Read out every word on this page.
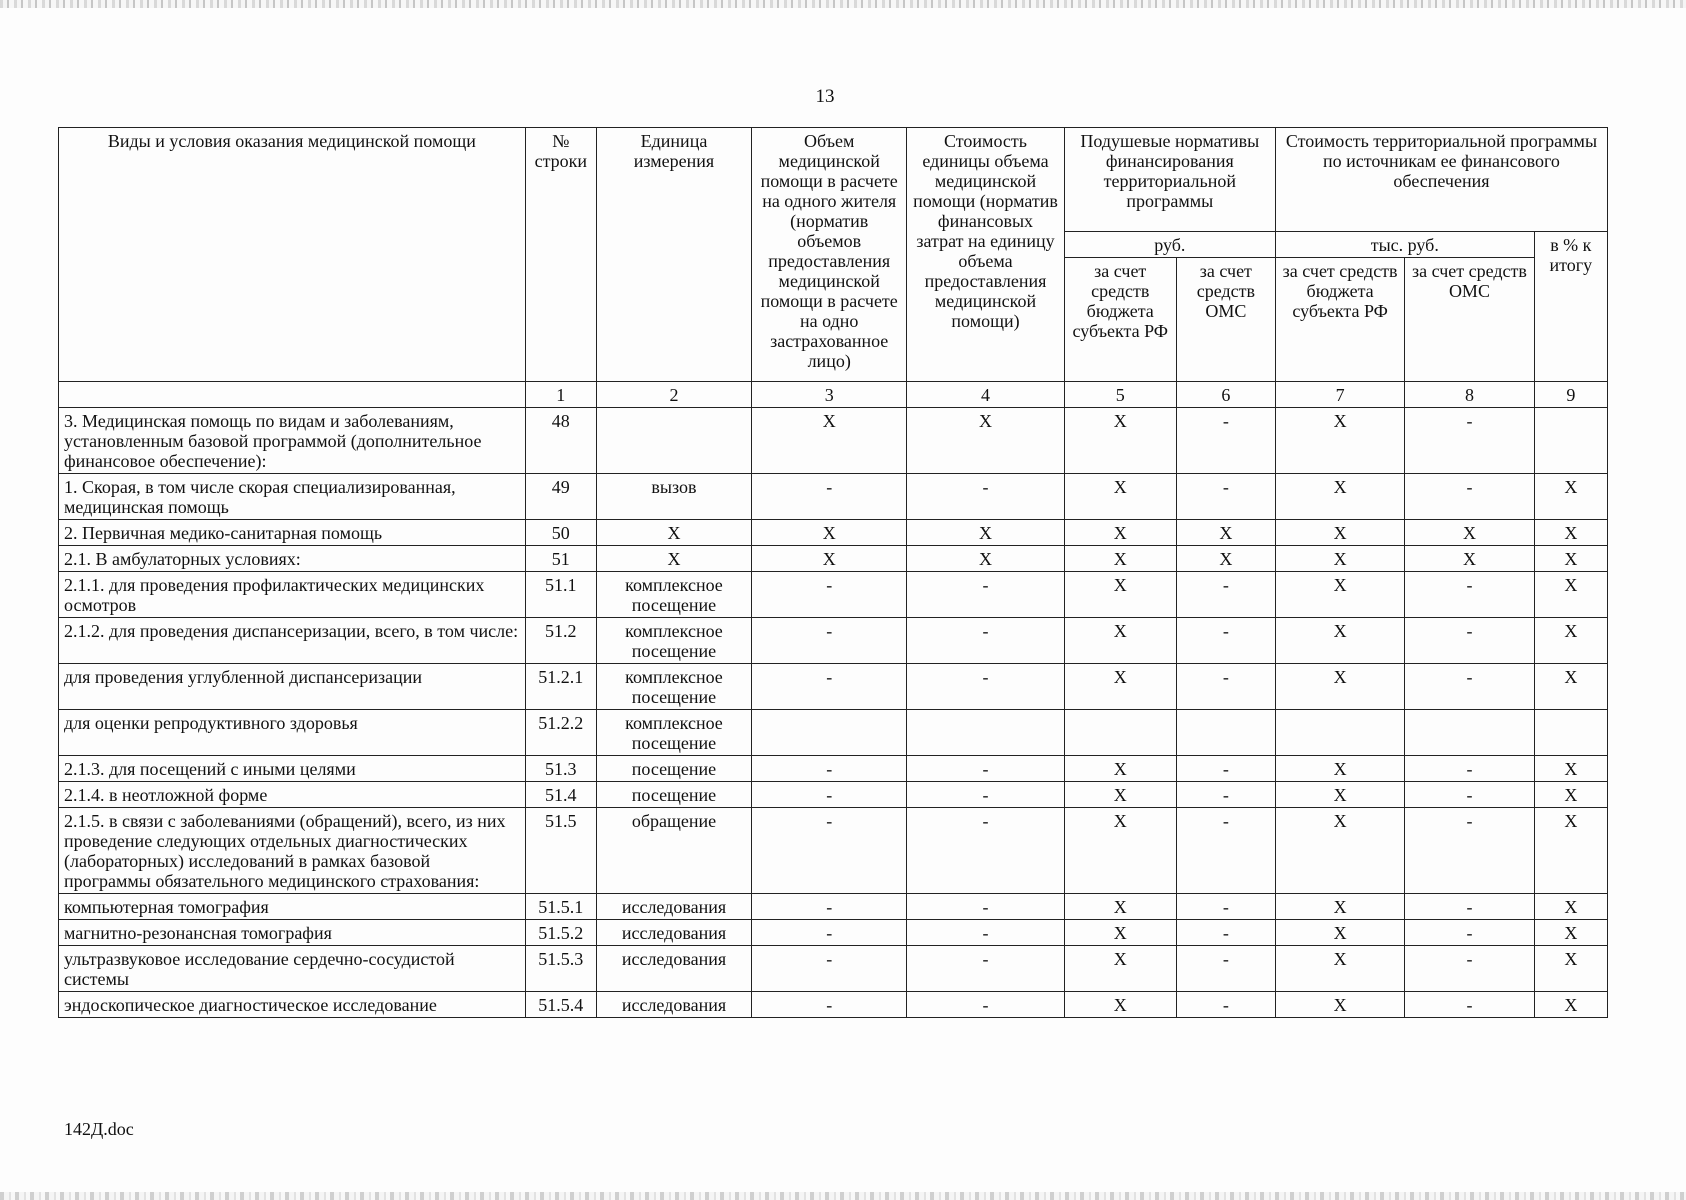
13
Виды и условия оказания медицинской помощи	№ строки	Единица измерения	Объем медицинской помощи в расчете на одного жителя (норматив объемов предоставления медицинской помощи в расчете на одно застрахованное лицо)	Стоимость единицы объема медицинской помощи (норматив финансовых затрат на единицу объема предоставления медицинской помощи)	Подушевые нормативы финансирования территориальной программы		Стоимость территориальной программы по источникам ее финансового обеспечения		
					руб.		тыс. руб.		в % к итогу
					за счет средств бюджета субъекта РФ	за счет средств ОМС	за счет средств бюджета субъекта РФ	за счет средств ОМС	
	1	2	3	4	5	6	7	8	9
3. Медицинская помощь по видам и заболеваниям, установленным базовой программой (дополнительное финансовое обеспечение):	48		X	X	X	-	X	-	
1. Скорая, в том числе скорая специализированная, медицинская помощь	49	вызов	-	-	X	-	X	-	X
2. Первичная медико-санитарная помощь	50	X	X	X	X	X	X	X	X
2.1. В амбулаторных условиях:	51	X	X	X	X	X	X	X	X
2.1.1. для проведения профилактических медицинских осмотров	51.1	комплексное посещение	-	-	X	-	X	-	X
2.1.2. для проведения диспансеризации, всего, в том числе:	51.2	комплексное посещение	-	-	X	-	X	-	X
для проведения углубленной диспансеризации	51.2.1	комплексное посещение	-	-	X	-	X	-	X
для оценки репродуктивного здоровья	51.2.2	комплексное посещение							
2.1.3. для посещений с иными целями	51.3	посещение	-	-	X	-	X	-	X
2.1.4. в неотложной форме	51.4	посещение	-	-	X	-	X	-	X
2.1.5. в связи с заболеваниями (обращений), всего, из них проведение следующих отдельных диагностических (лабораторных) исследований в рамках базовой программы обязательного медицинского страхования:	51.5	обращение	-	-	X	-	X	-	X
компьютерная томография	51.5.1	исследования	-	-	X	-	X	-	X
магнитно-резонансная томография	51.5.2	исследования	-	-	X	-	X	-	X
ультразвуковое исследование сердечно-сосудистой системы	51.5.3	исследования	-	-	X	-	X	-	X
эндоскопическое диагностическое исследование	51.5.4	исследования	-	-	X	-	X	-	X
142Д.doc
